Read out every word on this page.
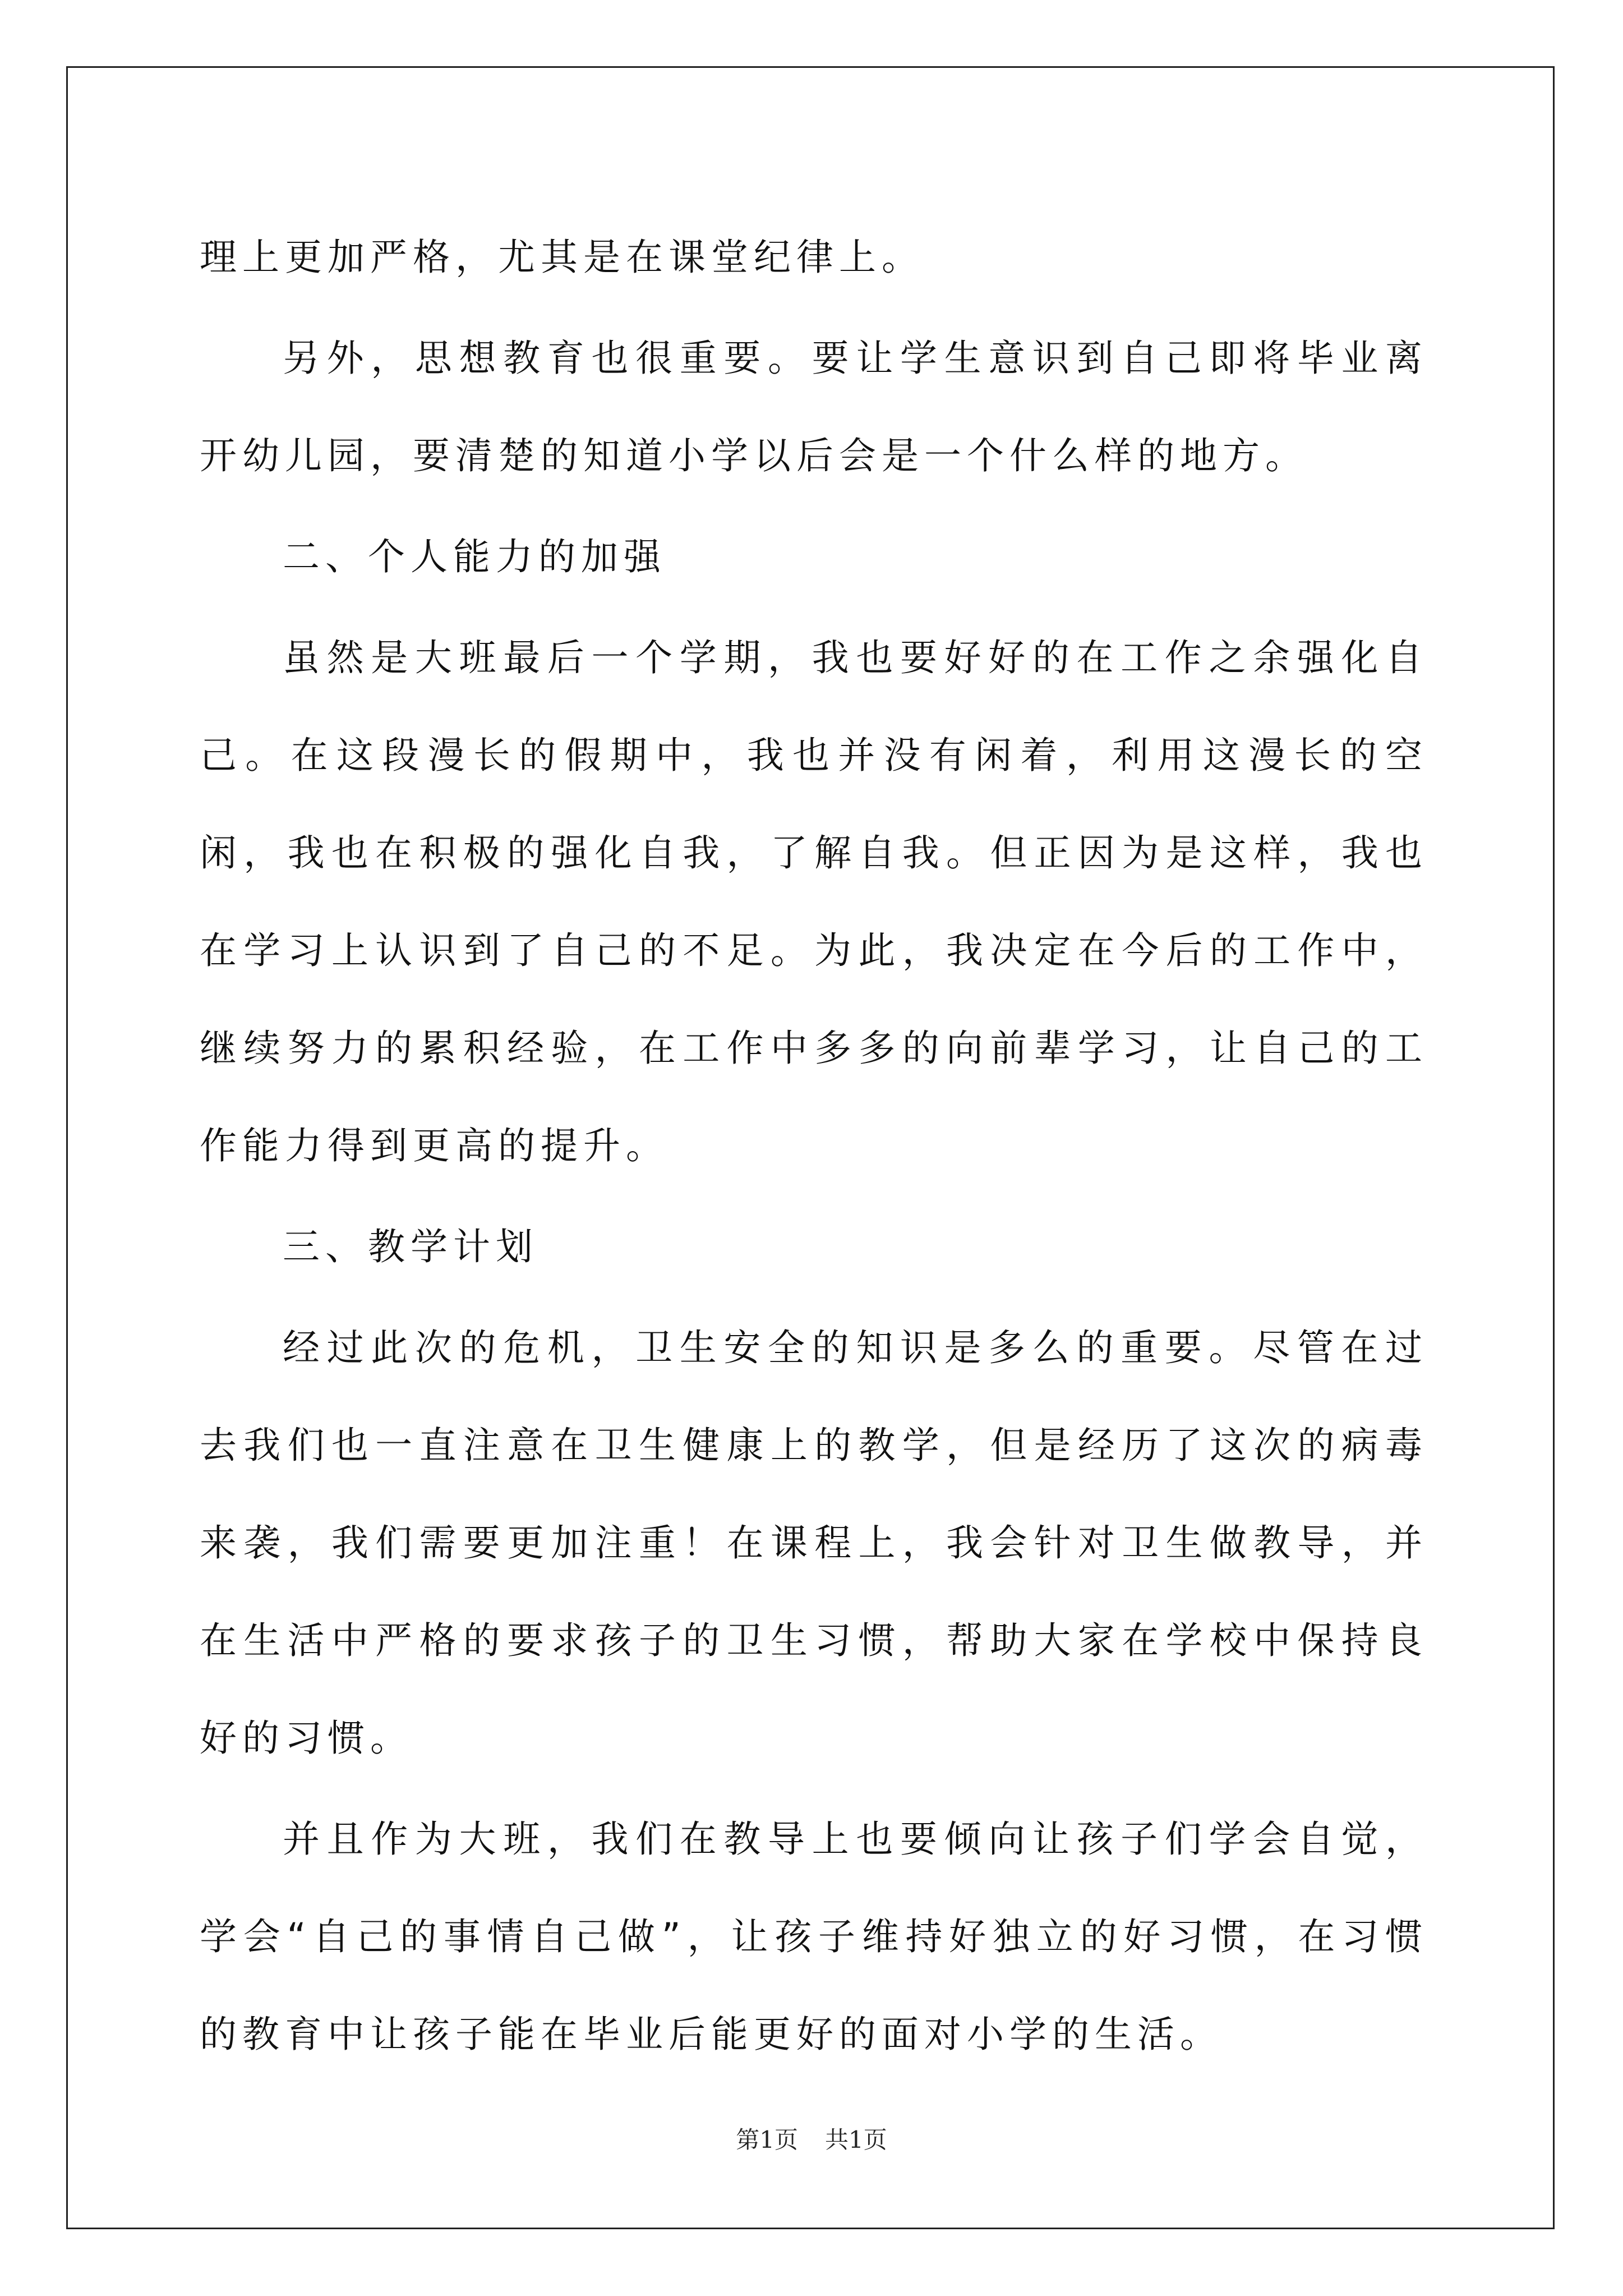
理上更加严格，尤其是在课堂纪律上。

另外，思想教育也很重要。要让学生意识到自己即将毕业离开幼儿园，要清楚的知道小学以后会是一个什么样的地方。

二、个人能力的加强

虽然是大班最后一个学期，我也要好好的在工作之余强化自己。在这段漫长的假期中，我也并没有闲着，利用这漫长的空闲，我也在积极的强化自我，了解自我。但正因为是这样，我也在学习上认识到了自己的不足。为此，我决定在今后的工作中，继续努力的累积经验，在工作中多多的向前辈学习，让自己的工作能力得到更高的提升。

三、教学计划

经过此次的危机，卫生安全的知识是多么的重要。尽管在过去我们也一直注意在卫生健康上的教学，但是经历了这次的病毒来袭，我们需要更加注重！在课程上，我会针对卫生做教导，并在生活中严格的要求孩子的卫生习惯，帮助大家在学校中保持良好的习惯。

并且作为大班，我们在教导上也要倾向让孩子们学会自觉，学会“自己的事情自己做”，让孩子维持好独立的好习惯，在习惯的教育中让孩子能在毕业后能更好的面对小学的生活。

第1页 共1页
